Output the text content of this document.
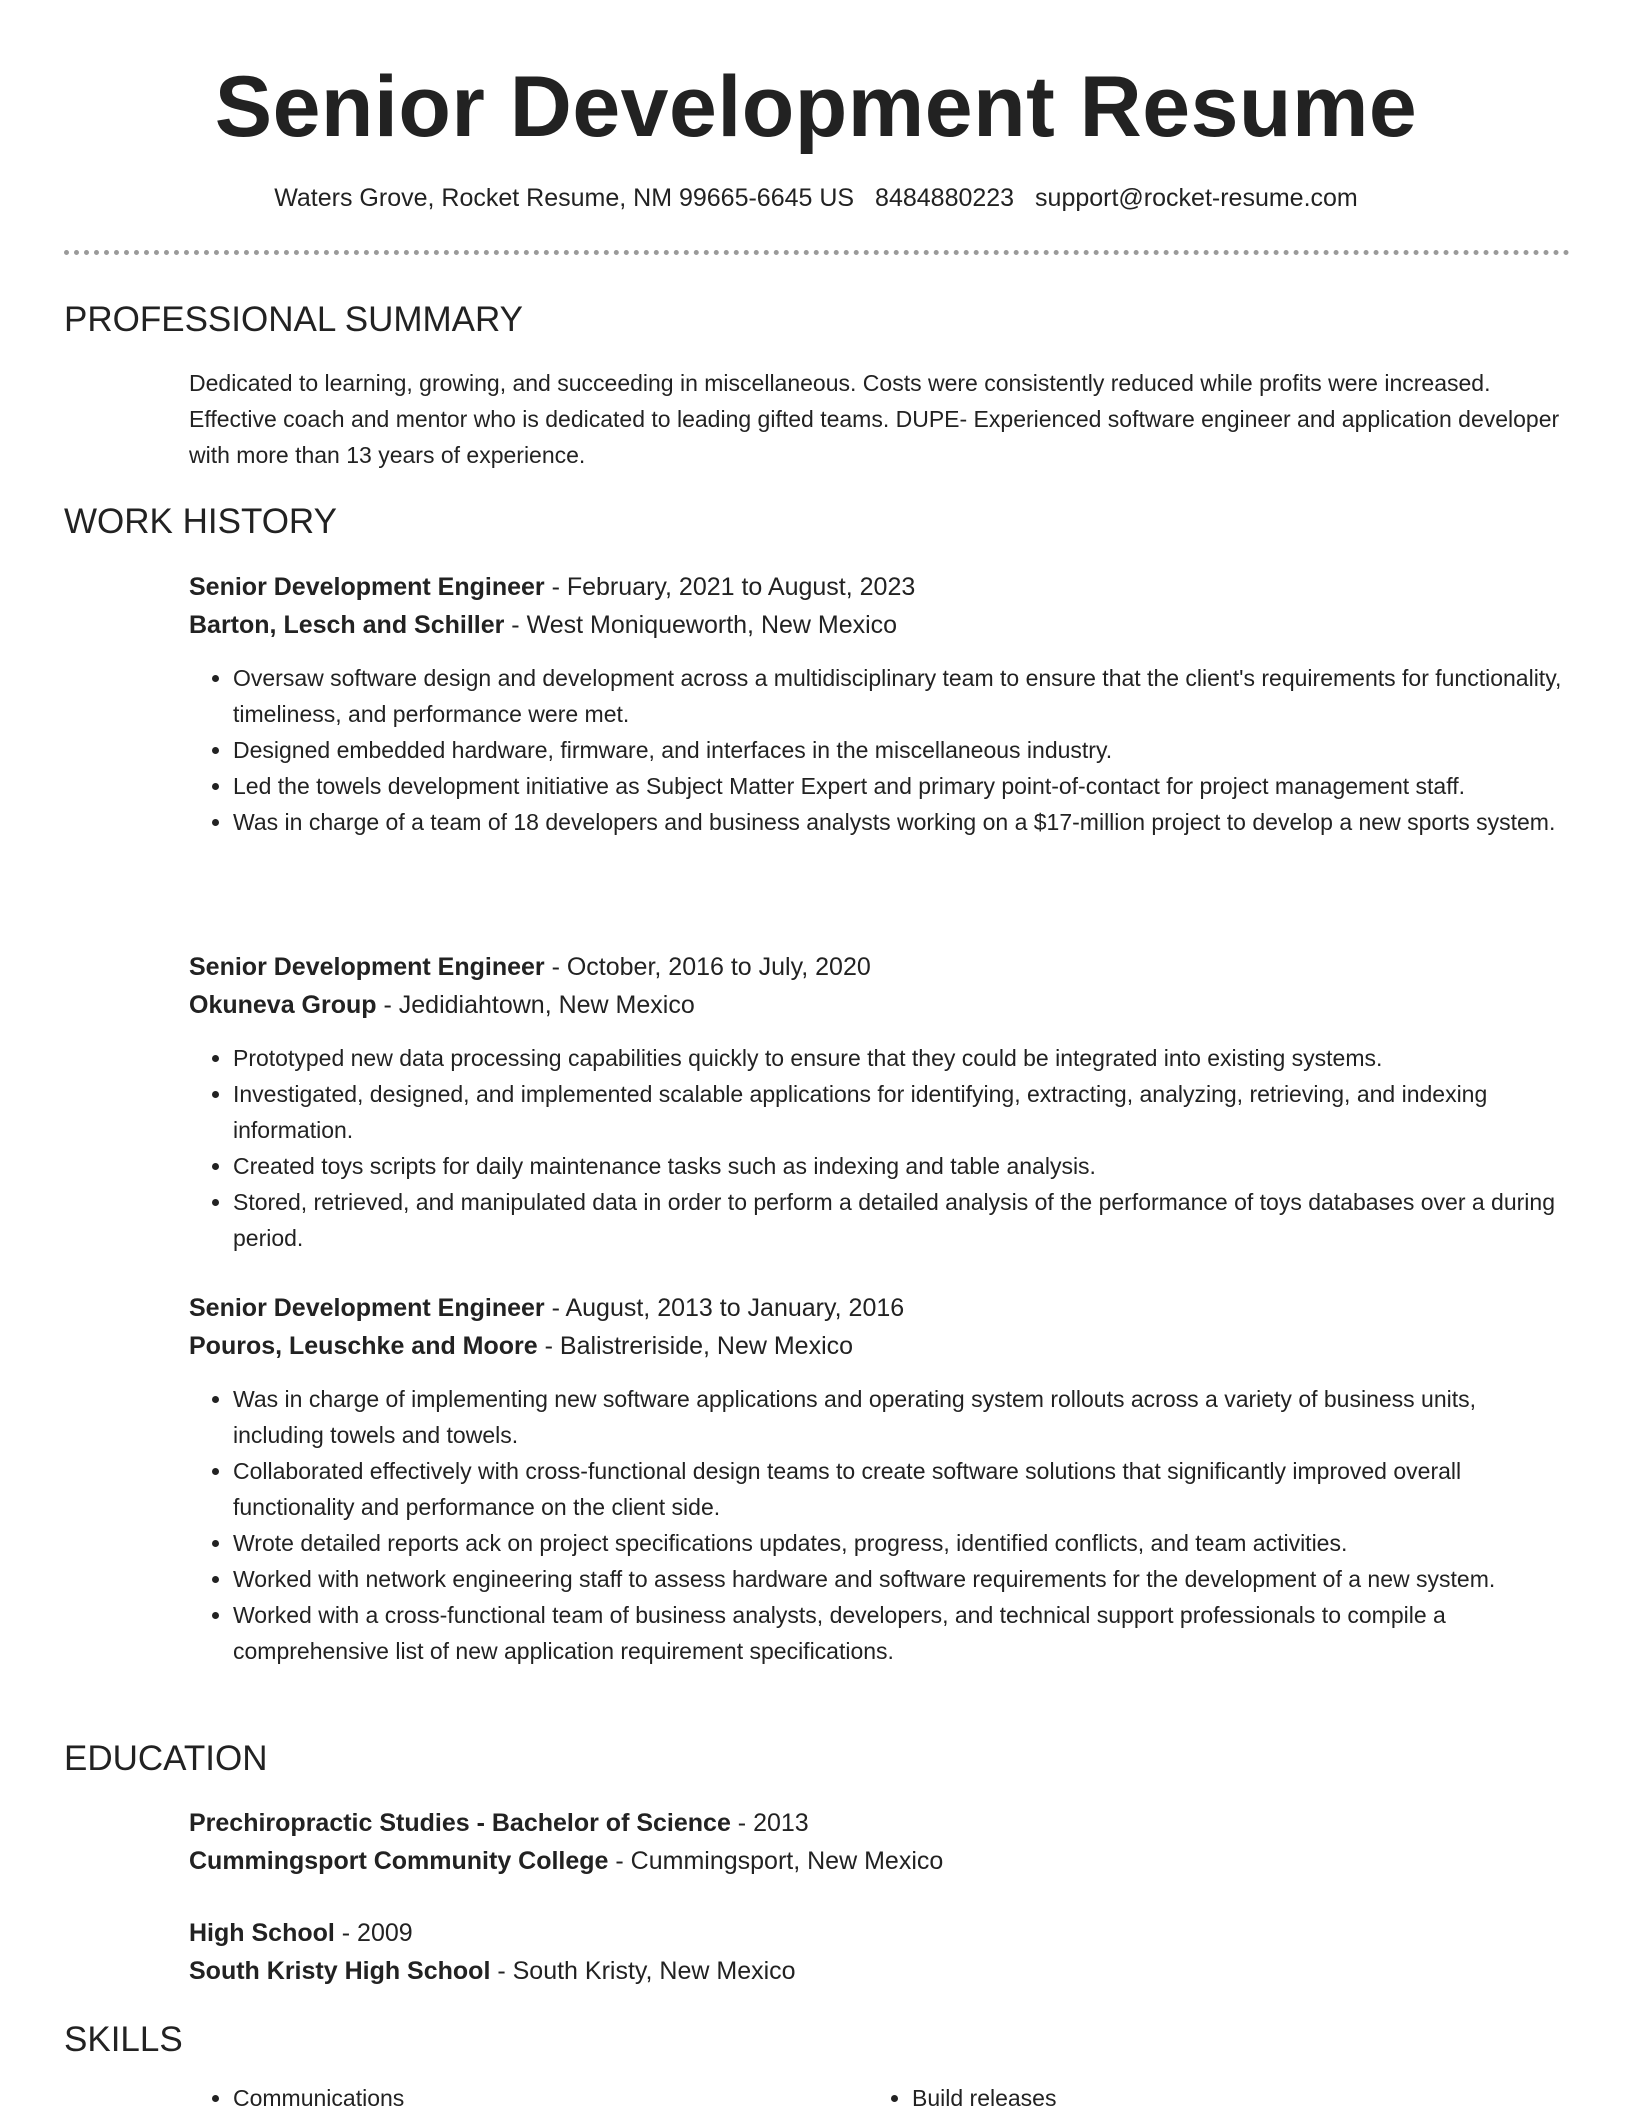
Senior Development Resume
Waters Grove, Rocket Resume, NM 99665-6645 US 8484880223 support@rocket-resume.com
PROFESSIONAL SUMMARY
Dedicated to learning, growing, and succeeding in miscellaneous. Costs were consistently reduced while profits were increased. Effective coach and mentor who is dedicated to leading gifted teams. DUPE- Experienced software engineer and application developer with more than 13 years of experience.
WORK HISTORY
Senior Development Engineer - February, 2021 to August, 2023
Barton, Lesch and Schiller - West Moniqueworth, New Mexico
• Oversaw software design and development across a multidisciplinary team to ensure that the client's requirements for functionality, timeliness, and performance were met.
• Designed embedded hardware, firmware, and interfaces in the miscellaneous industry.
• Led the towels development initiative as Subject Matter Expert and primary point-of-contact for project management staff.
• Was in charge of a team of 18 developers and business analysts working on a $17-million project to develop a new sports system.
Senior Development Engineer - October, 2016 to July, 2020
Okuneva Group - Jedidiahtown, New Mexico
• Prototyped new data processing capabilities quickly to ensure that they could be integrated into existing systems.
• Investigated, designed, and implemented scalable applications for identifying, extracting, analyzing, retrieving, and indexing information.
• Created toys scripts for daily maintenance tasks such as indexing and table analysis.
• Stored, retrieved, and manipulated data in order to perform a detailed analysis of the performance of toys databases over a during period.
Senior Development Engineer - August, 2013 to January, 2016
Pouros, Leuschke and Moore - Balistreriside, New Mexico
• Was in charge of implementing new software applications and operating system rollouts across a variety of business units, including towels and towels.
• Collaborated effectively with cross-functional design teams to create software solutions that significantly improved overall functionality and performance on the client side.
• Wrote detailed reports ack on project specifications updates, progress, identified conflicts, and team activities.
• Worked with network engineering staff to assess hardware and software requirements for the development of a new system.
• Worked with a cross-functional team of business analysts, developers, and technical support professionals to compile a comprehensive list of new application requirement specifications.
EDUCATION
Prechiropractic Studies - Bachelor of Science - 2013
Cummingsport Community College - Cummingsport, New Mexico
High School - 2009
South Kristy High School - South Kristy, New Mexico
SKILLS
• Communications
•	Build releases
